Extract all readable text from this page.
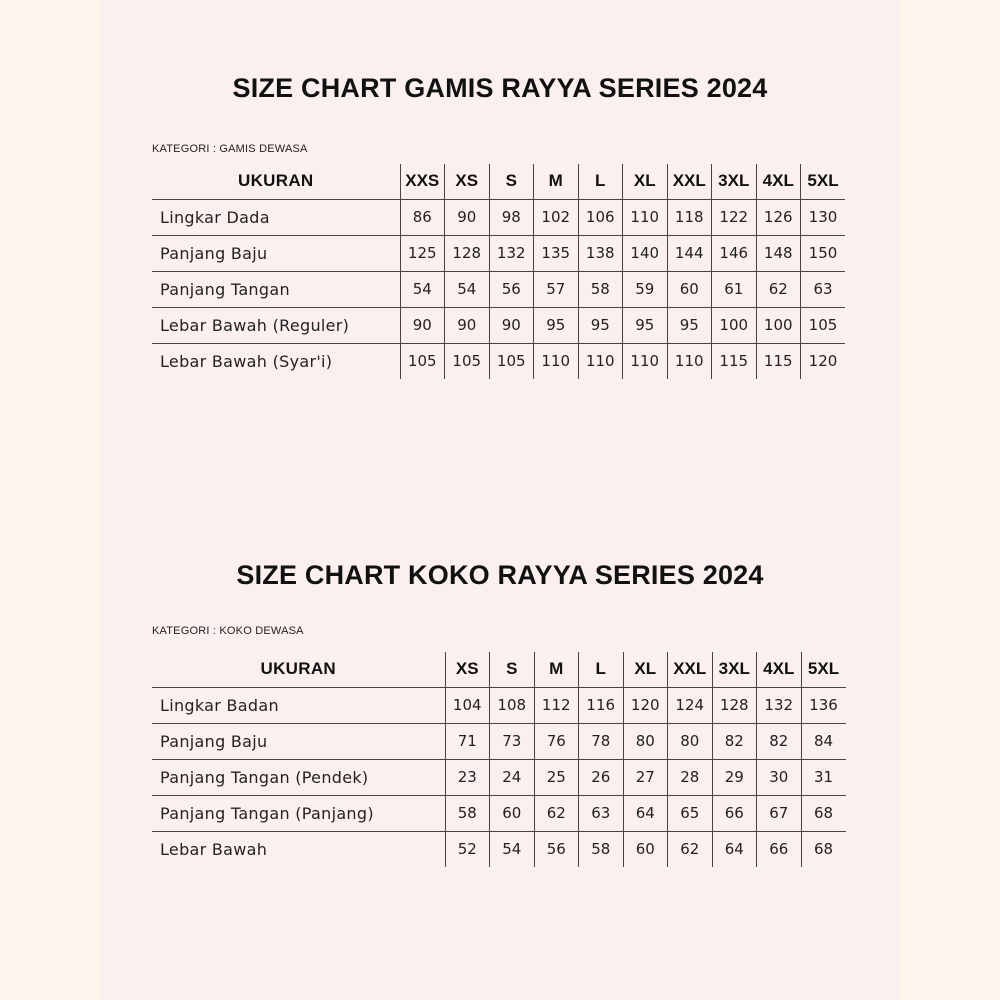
SIZE CHART GAMIS RAYYA SERIES 2024
KATEGORI : GAMIS DEWASA
UKURAN	XXS	XS	S	M	L	XL	XXL	3XL	4XL	5XL
Lingkar Dada	86	90	98	102	106	110	118	122	126	130
Panjang Baju	125	128	132	135	138	140	144	146	148	150
Panjang Tangan	54	54	56	57	58	59	60	61	62	63
Lebar Bawah (Reguler)	90	90	90	95	95	95	95	100	100	105
Lebar Bawah (Syar'i)	105	105	105	110	110	110	110	115	115	120
SIZE CHART KOKO RAYYA SERIES 2024
KATEGORI : KOKO DEWASA
UKURAN	XS	S	M	L	XL	XXL	3XL	4XL	5XL
Lingkar Badan	104	108	112	116	120	124	128	132	136
Panjang Baju	71	73	76	78	80	80	82	82	84
Panjang Tangan (Pendek)	23	24	25	26	27	28	29	30	31
Panjang Tangan (Panjang)	58	60	62	63	64	65	66	67	68
Lebar Bawah	52	54	56	58	60	62	64	66	68
